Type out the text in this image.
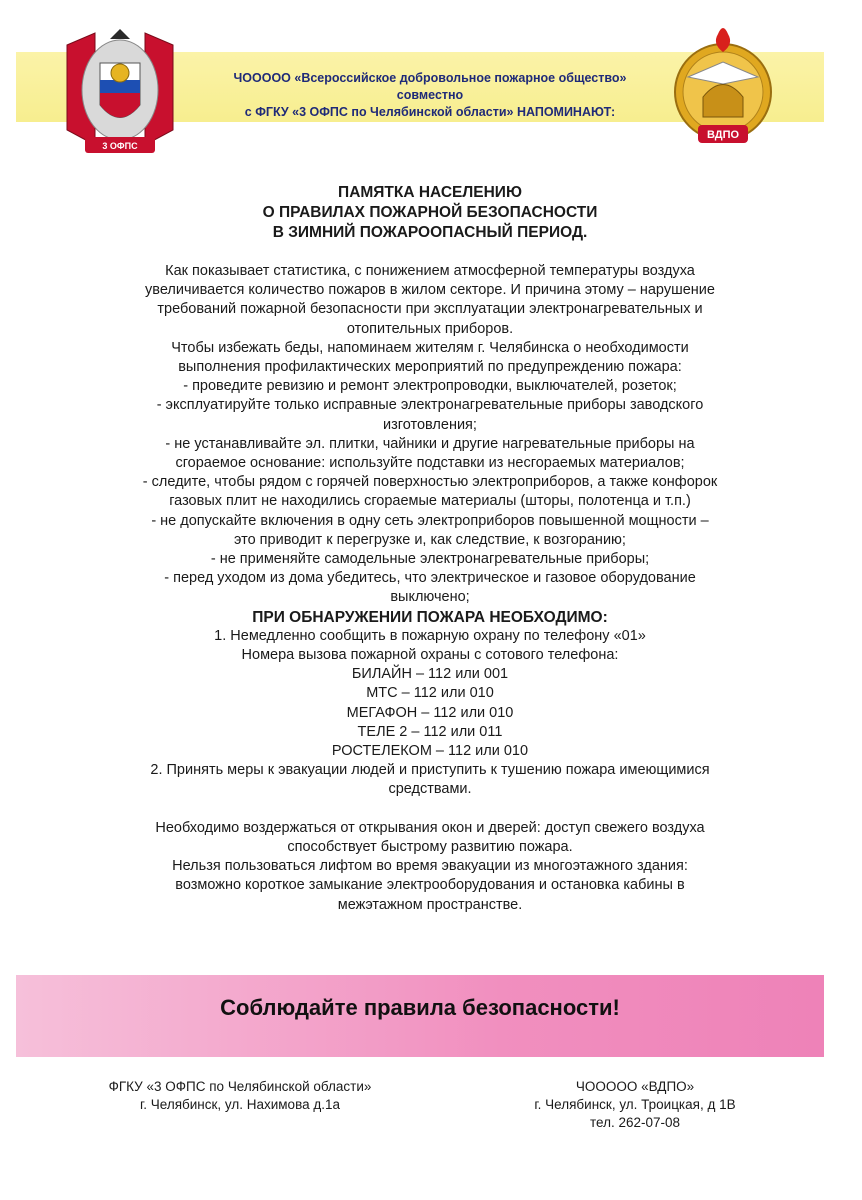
3 ОФПС
ВДПО
ЧООООО «Всероссийское добровольное пожарное общество»
совместно
с ФГКУ «3 ОФПС по Челябинской области» НАПОМИНАЮТ:
ПАМЯТКА НАСЕЛЕНИЮ
О ПРАВИЛАХ ПОЖАРНОЙ БЕЗОПАСНОСТИ
В ЗИМНИЙ ПОЖАРООПАСНЫЙ ПЕРИОД.

Как показывает статистика, с понижением атмосферной температуры воздуха

увеличивается количество пожаров в жилом секторе. И причина этому – нарушение

требований пожарной безопасности при эксплуатации электронагревательных и

отопительных приборов.

Чтобы избежать беды, напоминаем жителям г. Челябинска о необходимости

выполнения профилактических мероприятий по предупреждению пожара:

- проведите ревизию и ремонт электропроводки, выключателей, розеток;

- эксплуатируйте только исправные электронагревательные приборы заводского

изготовления;

- не устанавливайте эл. плитки, чайники и другие нагревательные приборы на

сгораемое основание: используйте подставки из несгораемых материалов;

- следите, чтобы рядом с горячей поверхностью электроприборов, а также конфорок

газовых плит не находились сгораемые материалы (шторы, полотенца и т.п.)

- не допускайте включения в одну сеть электроприборов повышенной мощности –

это приводит к перегрузке и, как следствие, к возгоранию;

- не применяйте самодельные электронагревательные приборы;

- перед уходом из дома убедитесь, что электрическое и газовое оборудование

выключено;

ПРИ ОБНАРУЖЕНИИ ПОЖАРА НЕОБХОДИМО:

1. Немедленно сообщить в пожарную охрану по телефону «01»

Номера вызова пожарной охраны с сотового телефона:

БИЛАЙН – 112 или 001

МТС – 112 или 010

МЕГАФОН – 112 или 010

ТЕЛЕ 2 – 112 или 011

РОСТЕЛЕКОМ – 112 или 010

2. Принять меры к эвакуации людей и приступить к тушению пожара имеющимися

средствами.

Необходимо воздержаться от открывания окон и дверей: доступ свежего воздуха

способствует быстрому развитию пожара.

Нельзя пользоваться лифтом во время эвакуации из многоэтажного здания:

возможно короткое замыкание электрооборудования и остановка кабины в

межэтажном пространстве.

Соблюдайте правила безопасности!

ФГКУ «3 ОФПС по Челябинской области»

г. Челябинск, ул. Нахимова д.1а

ЧООООО «ВДПО»

г. Челябинск, ул. Троицкая, д 1В

тел. 262-07-08
